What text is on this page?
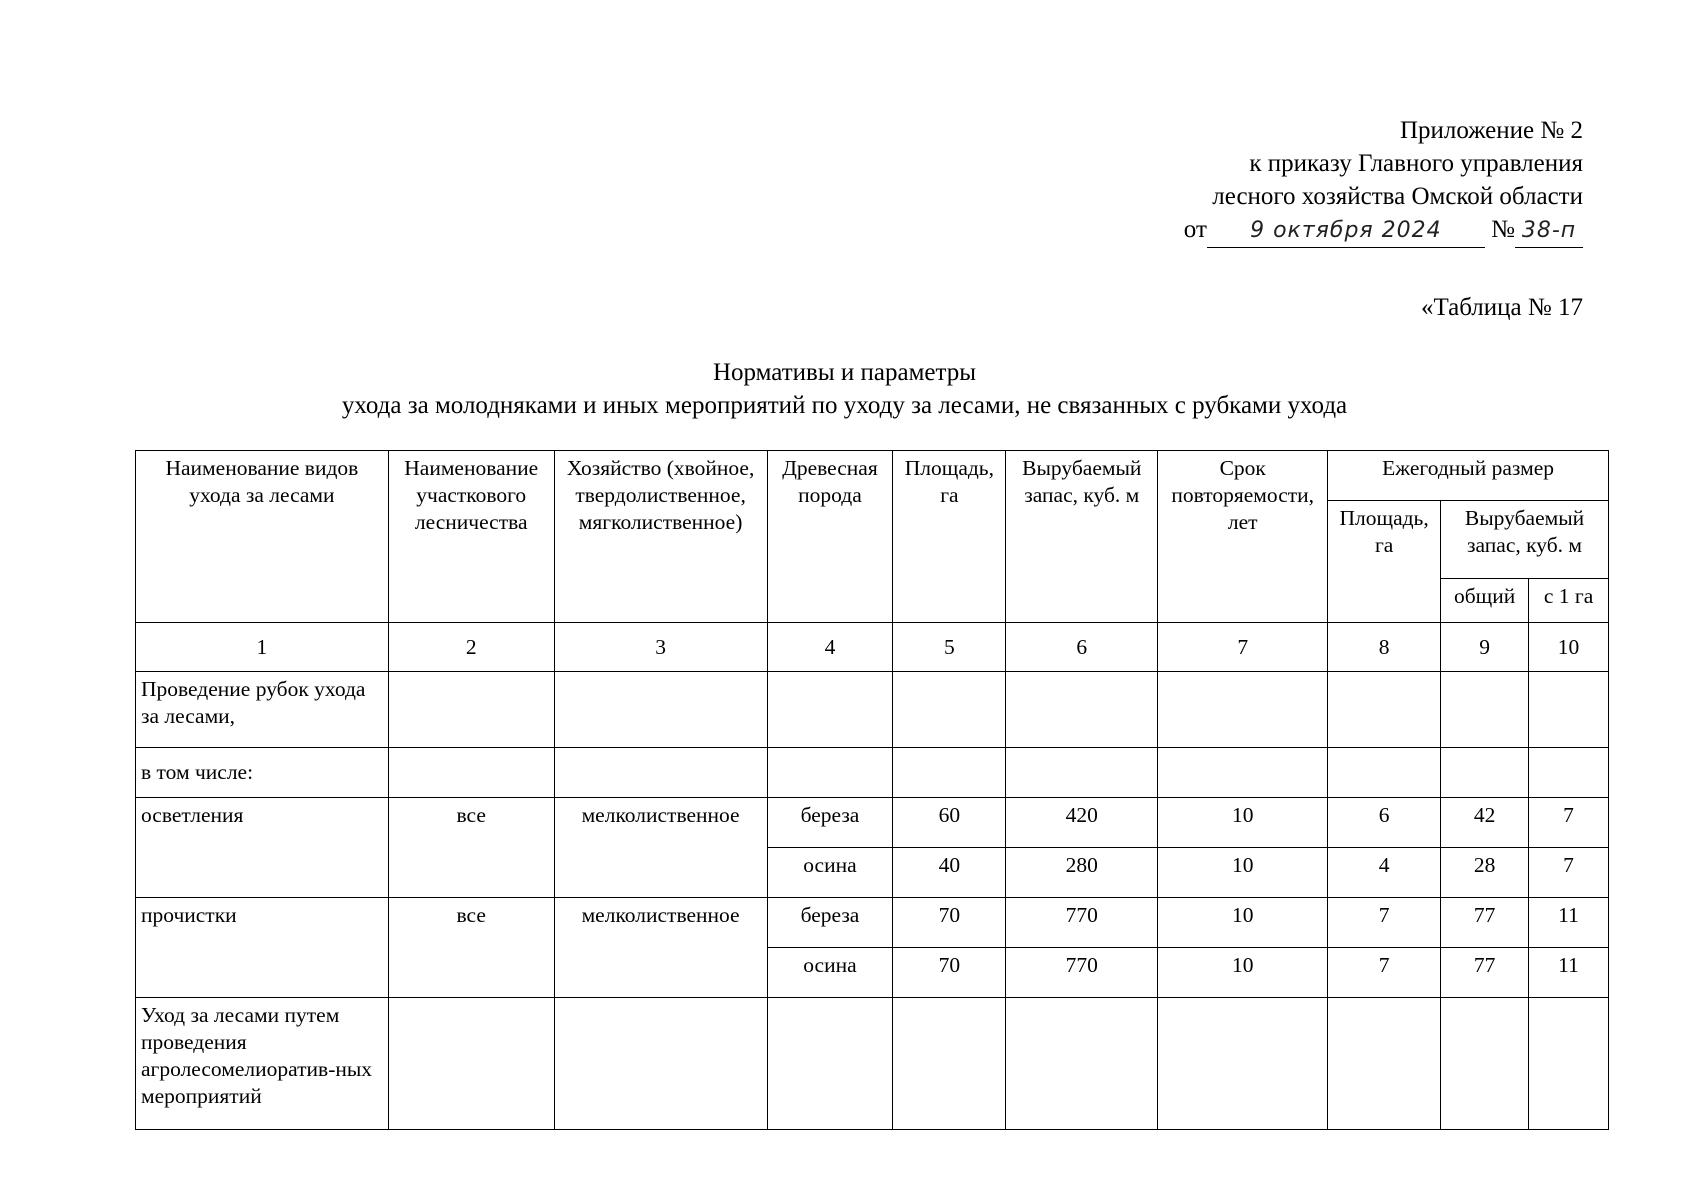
Приложение № 2
к приказу Главного управления
лесного хозяйства Омской области
от 9 октября 2024 № 38-п
«Таблица № 17
Нормативы и параметры
ухода за молодняками и иных мероприятий по уходу за лесами, не связанных с рубками ухода
Наименование видов ухода за лесами	Наименование участкового лесничества	Хозяйство (хвойное, твердолиственное, мягколиственное)	Древесная порода	Площадь, га	Вырубаемый запас, куб. м	Срок повторяемости, лет	Ежегодный размер		
							Площадь, га	Вырубаемый запас, куб. м	
								общий	с 1 га
1	2	3	4	5	6	7	8	9	10
Проведение рубок ухода за лесами,									
в том числе:									
осветления	все	мелколиственное	береза	60	420	10	6	42	7
			осина	40	280	10	4	28	7
прочистки	все	мелколиственное	береза	70	770	10	7	77	11
			осина	70	770	10	7	77	11
Уход за лесами путем проведения агролесомелиоратив-ных мероприятий									
